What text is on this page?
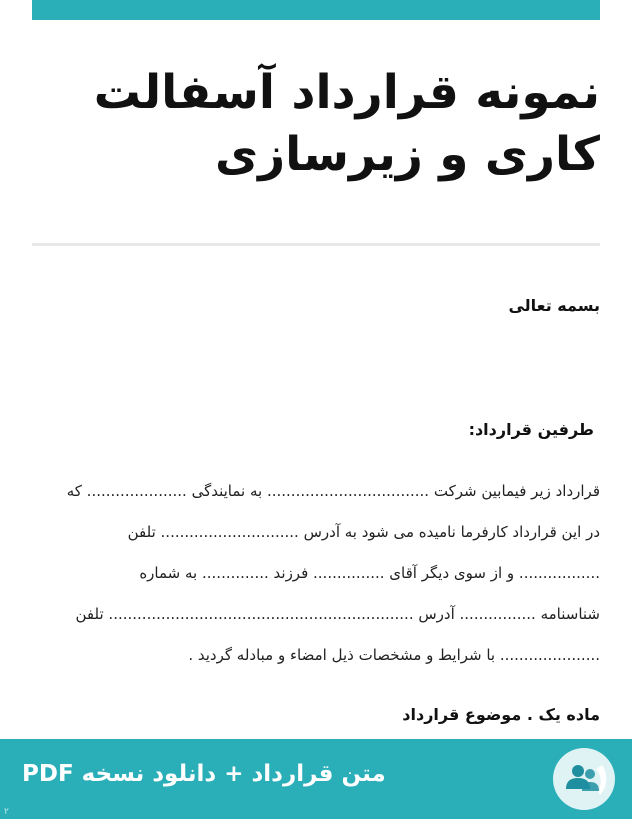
نمونه قرارداد آسفالت کاری و زیرسازی
بسمه تعالی
طرفین قرارداد:
قرارداد زیر فیمابین شرکت .................................. به نمایندگی ..................... که
در این قرارداد کارفرما نامیده می شود به آدرس ............................. تلفن
................. و از سوی دیگر آقای ............... فرزند .............. به شماره
شناسنامه ................ آدرس ................................................................ تلفن
..................... با شرایط و مشخصات ذیل امضاء و مبادله گردید .
ماده یک . موضوع قرارداد
متن قرارداد + دانلود نسخه PDF
۲
